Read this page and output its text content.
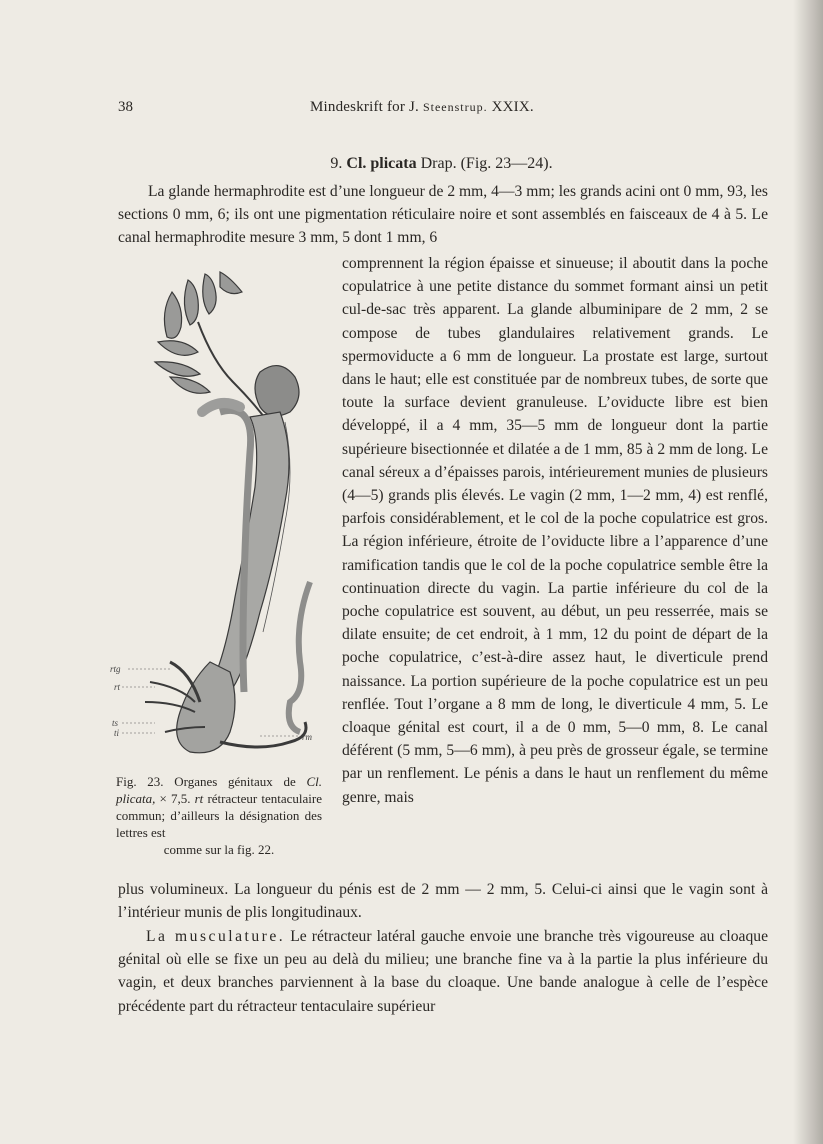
38	Mindeskrift for J. Steenstrup. XXIX.
9. Cl. plicata Drap. (Fig. 23—24).
La glande hermaphrodite est d’une longueur de 2 mm, 4—3 mm; les grands acini ont 0 mm, 93, les sections 0 mm, 6; ils ont une pigmentation réticulaire noire et sont assemblés en faisceaux de 4 à 5. Le canal hermaphrodite mesure 3 mm, 5 dont 1 mm, 6
rtg
rt
ts
ti	rm
Fig. 23. Organes génitaux de Cl. plicata, × 7,5. rt rétracteur tentaculaire commun; d’ailleurs la désignation des lettres est
comme sur la fig. 22.
comprennent la région épaisse et sinueuse; il aboutit dans la poche copulatrice à une petite distance du sommet formant ainsi un petit cul-de-sac très apparent. La glande albuminipare de 2 mm, 2 se compose de tubes glandulaires relativement grands. Le spermoviducte a 6 mm de longueur. La prostate est large, surtout dans le haut; elle est constituée par de nombreux tubes, de sorte que toute la surface devient granuleuse. L’oviducte libre est bien développé, il a 4 mm, 35—5 mm de longueur dont la partie supérieure bisectionnée et dilatée a de 1 mm, 85 à 2 mm de long. Le canal séreux a d’épaisses parois, intérieurement munies de plusieurs (4—5) grands plis élevés. Le vagin (2 mm, 1—2 mm, 4) est renflé, parfois considérablement, et le col de la poche copulatrice est gros. La région inférieure, étroite de l’oviducte libre a l’apparence d’une ramification tandis que le col de la poche copulatrice semble être la continuation directe du vagin. La partie inférieure du col de la poche copulatrice est souvent, au début, un peu resserrée, mais se dilate ensuite; de cet endroit, à 1 mm, 12 du point de départ de la poche copulatrice, c’est-à-dire assez haut, le diverticule prend naissance. La portion supérieure de la poche copulatrice est un peu renflée. Tout l’organe a 8 mm de long, le diverticule 4 mm, 5. Le cloaque génital est court, il a de 0 mm, 5—0 mm, 8. Le canal déférent (5 mm, 5—6 mm), à peu près de grosseur égale, se termine par un renflement. Le pénis a dans le haut un renflement du même genre, mais
plus volumineux. La longueur du pénis est de 2 mm — 2 mm, 5. Celui-ci ainsi que le vagin sont à l’intérieur munis de plis longitudinaux.
La musculature. Le rétracteur latéral gauche envoie une branche très vigoureuse au cloaque génital où elle se fixe un peu au delà du milieu; une branche fine va à la partie la plus inférieure du vagin, et deux branches parviennent à la base du cloaque. Une bande analogue à celle de l’espèce précédente part du rétracteur tentaculaire supérieur
